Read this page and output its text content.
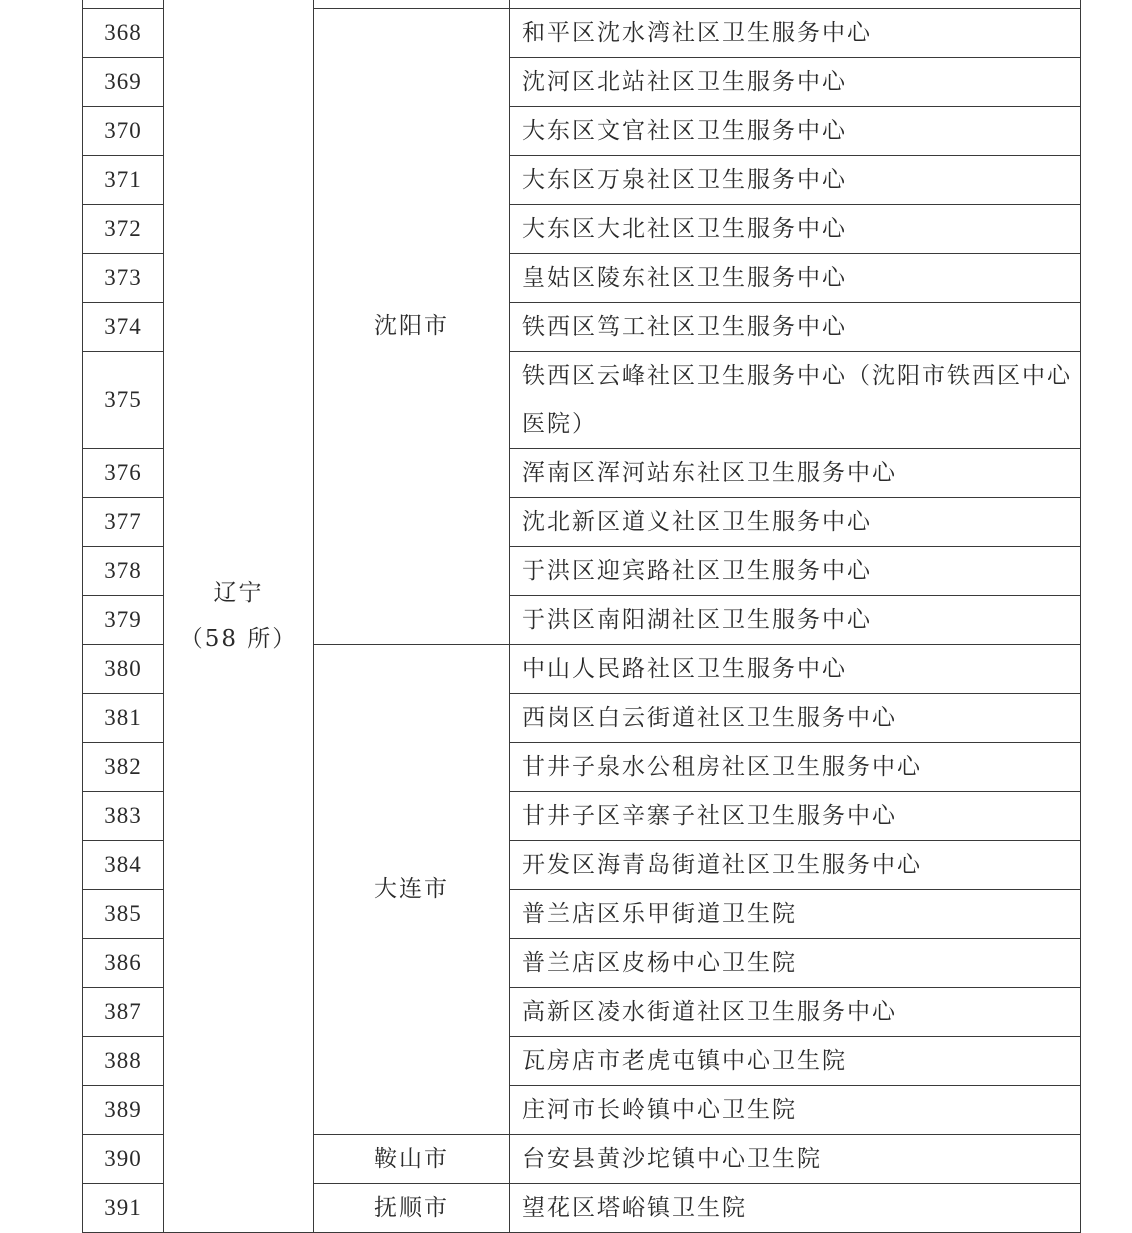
	辽宁
（58 所）		

368		沈阳市	和平区沈水湾社区卫生服务中心
369			沈河区北站社区卫生服务中心
370			大东区文官社区卫生服务中心
371			大东区万泉社区卫生服务中心
372			大东区大北社区卫生服务中心
373			皇姑区陵东社区卫生服务中心
374			铁西区笃工社区卫生服务中心
375			铁西区云峰社区卫生服务中心（沈阳市铁西区中心医院）
376			浑南区浑河站东社区卫生服务中心
377			沈北新区道义社区卫生服务中心
378			于洪区迎宾路社区卫生服务中心
379			于洪区南阳湖社区卫生服务中心
380		大连市	中山人民路社区卫生服务中心
381			西岗区白云街道社区卫生服务中心
382			甘井子泉水公租房社区卫生服务中心
383			甘井子区辛寨子社区卫生服务中心
384			开发区海青岛街道社区卫生服务中心
385			普兰店区乐甲街道卫生院
386			普兰店区皮杨中心卫生院
387			高新区凌水街道社区卫生服务中心
388			瓦房店市老虎屯镇中心卫生院
389			庄河市长岭镇中心卫生院
390		鞍山市	台安县黄沙坨镇中心卫生院
391		抚顺市	望花区塔峪镇卫生院
